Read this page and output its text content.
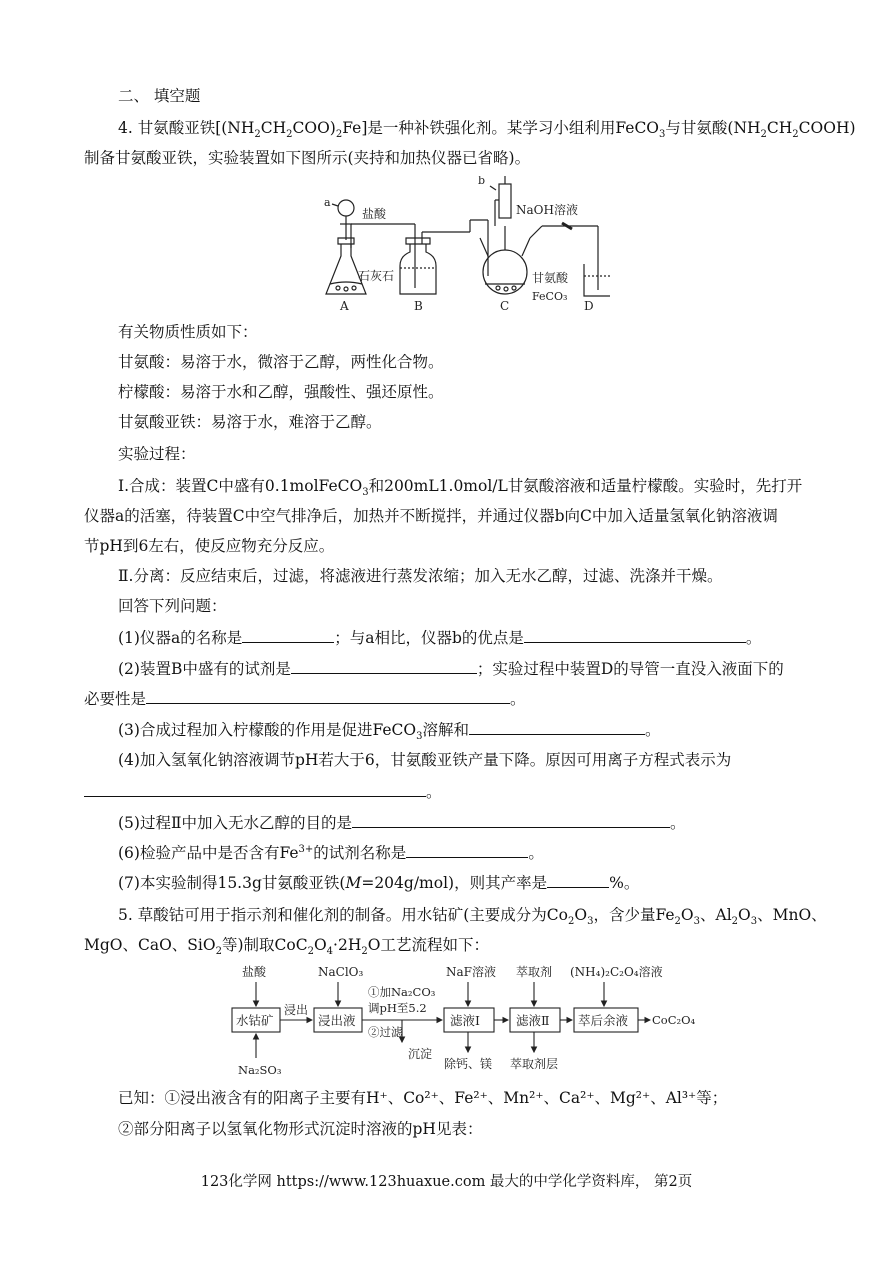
二、 填空题
4. 甘氨酸亚铁$[(NH_2CH_2COO)_2Fe]$是一种补铁强化剂。某学习小组利用FeCO$_3$与甘氨酸$(NH_2CH_2COOH)$
制备甘氨酸亚铁，实验装置如下图所示(夹持和加热仪器已省略)。
a
盐酸
石灰石
A	B
b
NaOH溶液
甘氨酸
FeCO₃
C	D
有关物质性质如下：
甘氨酸：易溶于水，微溶于乙醇，两性化合物。
柠檬酸：易溶于水和乙醇，强酸性、强还原性。
甘氨酸亚铁：易溶于水，难溶于乙醇。
实验过程：
Ⅰ.合成：装置C中盛有0.1molFeCO$_3$和200mL1.0mol/L甘氨酸溶液和适量柠檬酸。实验时，先打开
仪器a的活塞，待装置C中空气排净后，加热并不断搅拌，并通过仪器b向C中加入适量氢氧化钠溶液调
节pH到6左右，使反应物充分反应。
Ⅱ.分离：反应结束后，过滤，将滤液进行蒸发浓缩；加入无水乙醇，过滤、洗涤并干燥。
回答下列问题：
(1)仪器a的名称是	；与a相比，仪器b的优点是	。
(2)装置B中盛有的试剂是	；实验过程中装置D的导管一直没入液面下的
必要性是	。
(3)合成过程加入柠檬酸的作用是促进FeCO$_3$溶解和	。
(4)加入氢氧化钠溶液调节pH若大于6，甘氨酸亚铁产量下降。原因可用离子方程式表示为
。
(5)过程Ⅱ中加入无水乙醇的目的是	。
(6)检验产品中是否含有$Fe^{3+}$的试剂名称是	。
(7)本实验制得15.3g甘氨酸亚铁(M=204g/mol)，则其产率是	%。
5. 草酸钴可用于指示剂和催化剂的制备。用水钴矿(主要成分为$Co_2O_3$，含少量$Fe_2O_3$、$Al_2O_3$、MnO、
MgO、CaO、SiO$_2$等)制取$CoC_2O_4\cdot 2H_2O$工艺流程如下：
盐酸	NaClO₃	NaF溶液 萃取剂 (NH₄)₂C₂O₄溶液
水钴矿	浸出液	滤液Ⅰ	滤液Ⅱ 萃后余液
浸出
①加Na₂CO₃
调pH至5.2
②过滤
沉淀
除钙、镁 萃取剂层
Na₂SO₃
CoC₂O₄
已知：①浸出液含有的阳离子主要有H⁺、Co²⁺、Fe²⁺、Mn²⁺、Ca²⁺、Mg²⁺、Al³⁺等；
②部分阳离子以氢氧化物形式沉淀时溶液的pH见表：
123化学网 https://www.123huaxue.com 最大的中学化学资料库， 第2页
